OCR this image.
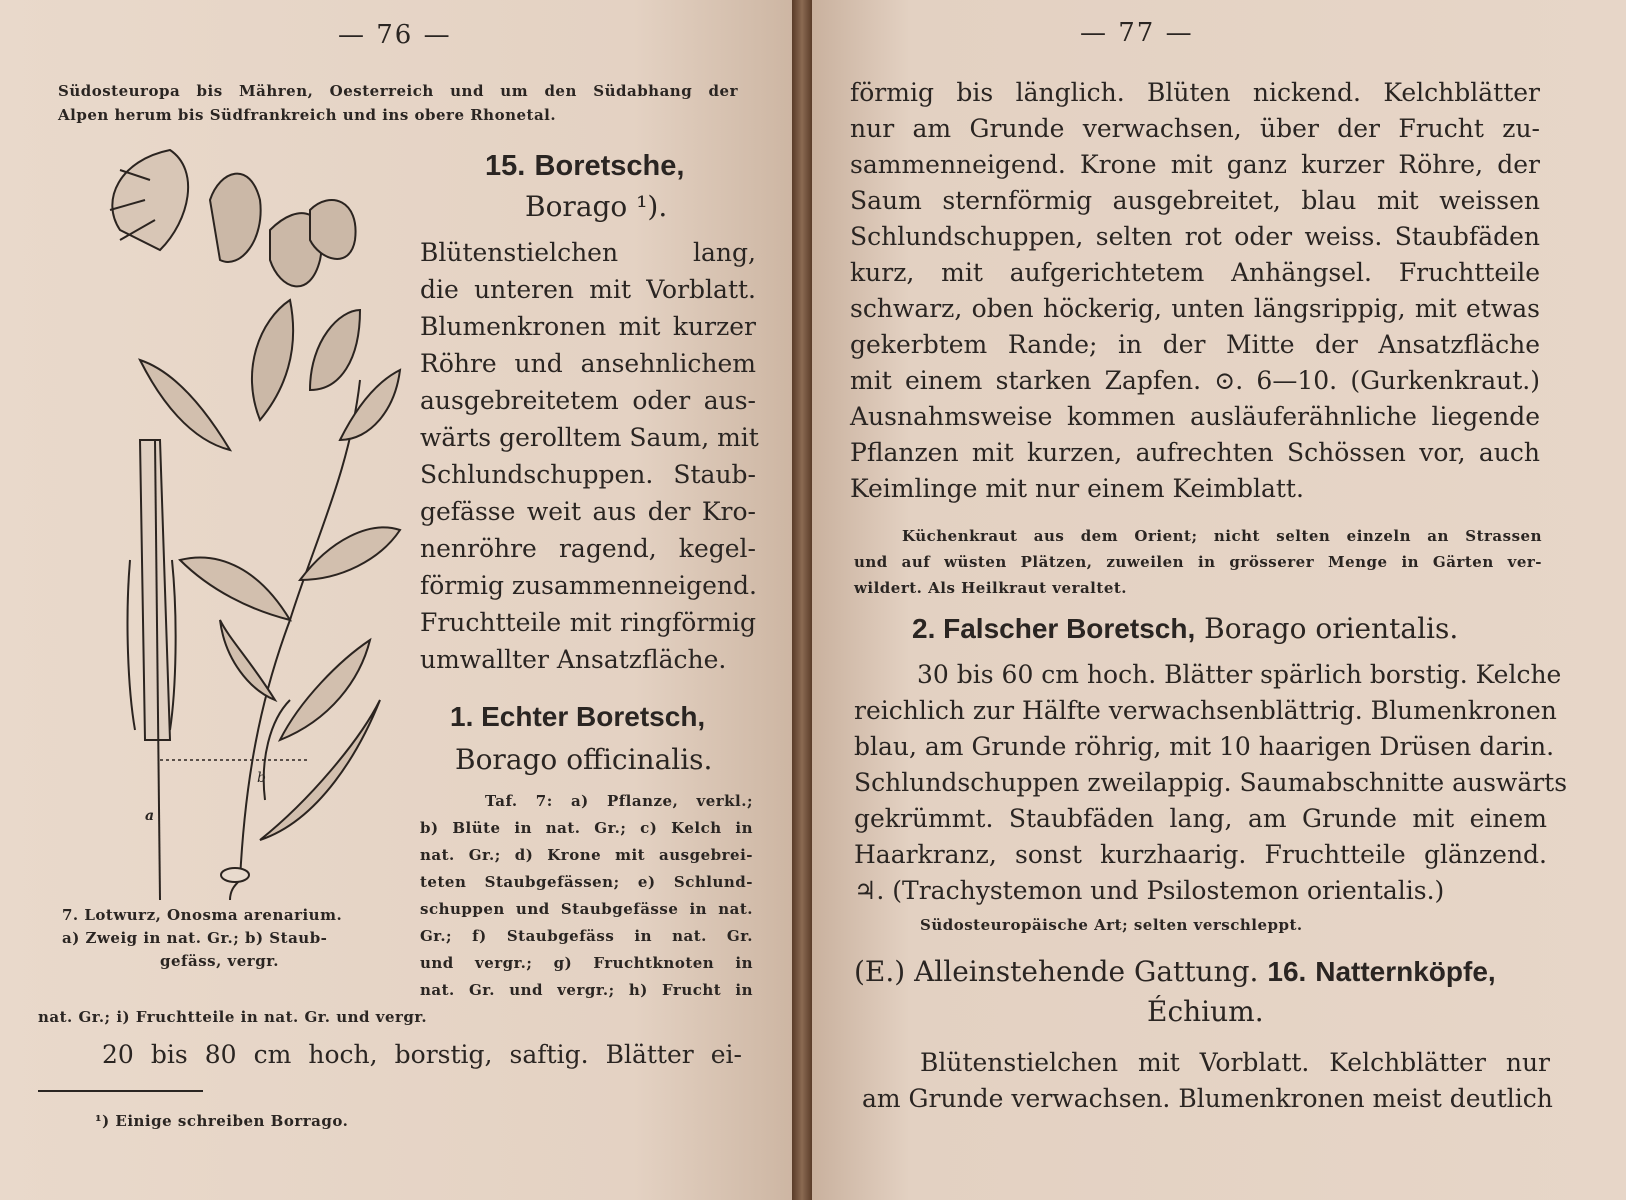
— 76 —
Südosteuropa bis Mähren, Oesterreich und um den Südabhang der
Alpen herum bis Südfrankreich und ins obere Rhonetal.
15. Boretsche,
Borago ¹).
Blütenstielchen lang,
die unteren mit Vorblatt.
Blumenkronen mit kurzer
Röhre und ansehnlichem
ausgebreitetem oder aus-
wärts gerolltem Saum, mit
Schlundschuppen. Staub-
gefässe weit aus der Kro-
nenröhre ragend, kegel-
förmig zusammenneigend.
Fruchtteile mit ringförmig
umwallter Ansatzfläche.
1. Echter Boretsch,
Borago officinalis.
Taf. 7: a) Pflanze, verkl.;
b) Blüte in nat. Gr.; c) Kelch in
nat. Gr.; d) Krone mit ausgebrei-
teten Staubgefässen; e) Schlund-
schuppen und Staubgefässe in nat.
Gr.; f) Staubgefäss in nat. Gr.
und vergr.; g) Fruchtknoten in
nat. Gr. und vergr.; h) Frucht in
nat. Gr.; i) Fruchtteile in nat. Gr. und vergr.
a
b
7. Lotwurz, Onosma arenarium.
a) Zweig in nat. Gr.; b) Staub-
gefäss, vergr.
20 bis 80 cm hoch, borstig, saftig. Blätter ei-
¹) Einige schreiben Borrago.
— 77 —
förmig bis länglich. Blüten nickend. Kelchblätter
nur am Grunde verwachsen, über der Frucht zu-
sammenneigend. Krone mit ganz kurzer Röhre, der
Saum sternförmig ausgebreitet, blau mit weissen
Schlundschuppen, selten rot oder weiss. Staubfäden
kurz, mit aufgerichtetem Anhängsel. Fruchtteile
schwarz, oben höckerig, unten längsrippig, mit etwas
gekerbtem Rande; in der Mitte der Ansatzfläche
mit einem starken Zapfen. ⊙. 6—10. (Gurkenkraut.)
Ausnahmsweise kommen ausläuferähnliche liegende
Pflanzen mit kurzen, aufrechten Schössen vor, auch
Keimlinge mit nur einem Keimblatt.
Küchenkraut aus dem Orient; nicht selten einzeln an Strassen
und auf wüsten Plätzen, zuweilen in grösserer Menge in Gärten ver-
wildert. Als Heilkraut veraltet.
2. Falscher Boretsch, Borago orientalis.
30 bis 60 cm hoch. Blätter spärlich borstig. Kelche
reichlich zur Hälfte verwachsenblättrig. Blumenkronen
blau, am Grunde röhrig, mit 10 haarigen Drüsen darin.
Schlundschuppen zweilappig. Saumabschnitte auswärts
gekrümmt. Staubfäden lang, am Grunde mit einem
Haarkranz, sonst kurzhaarig. Fruchtteile glänzend.
♃. (Trachystemon und Psilostemon orientalis.)
Südosteuropäische Art; selten verschleppt.
(E.) Alleinstehende Gattung. 16. Natternköpfe,
Échium.
Blütenstielchen mit Vorblatt. Kelchblätter nur
am Grunde verwachsen. Blumenkronen meist deutlich
